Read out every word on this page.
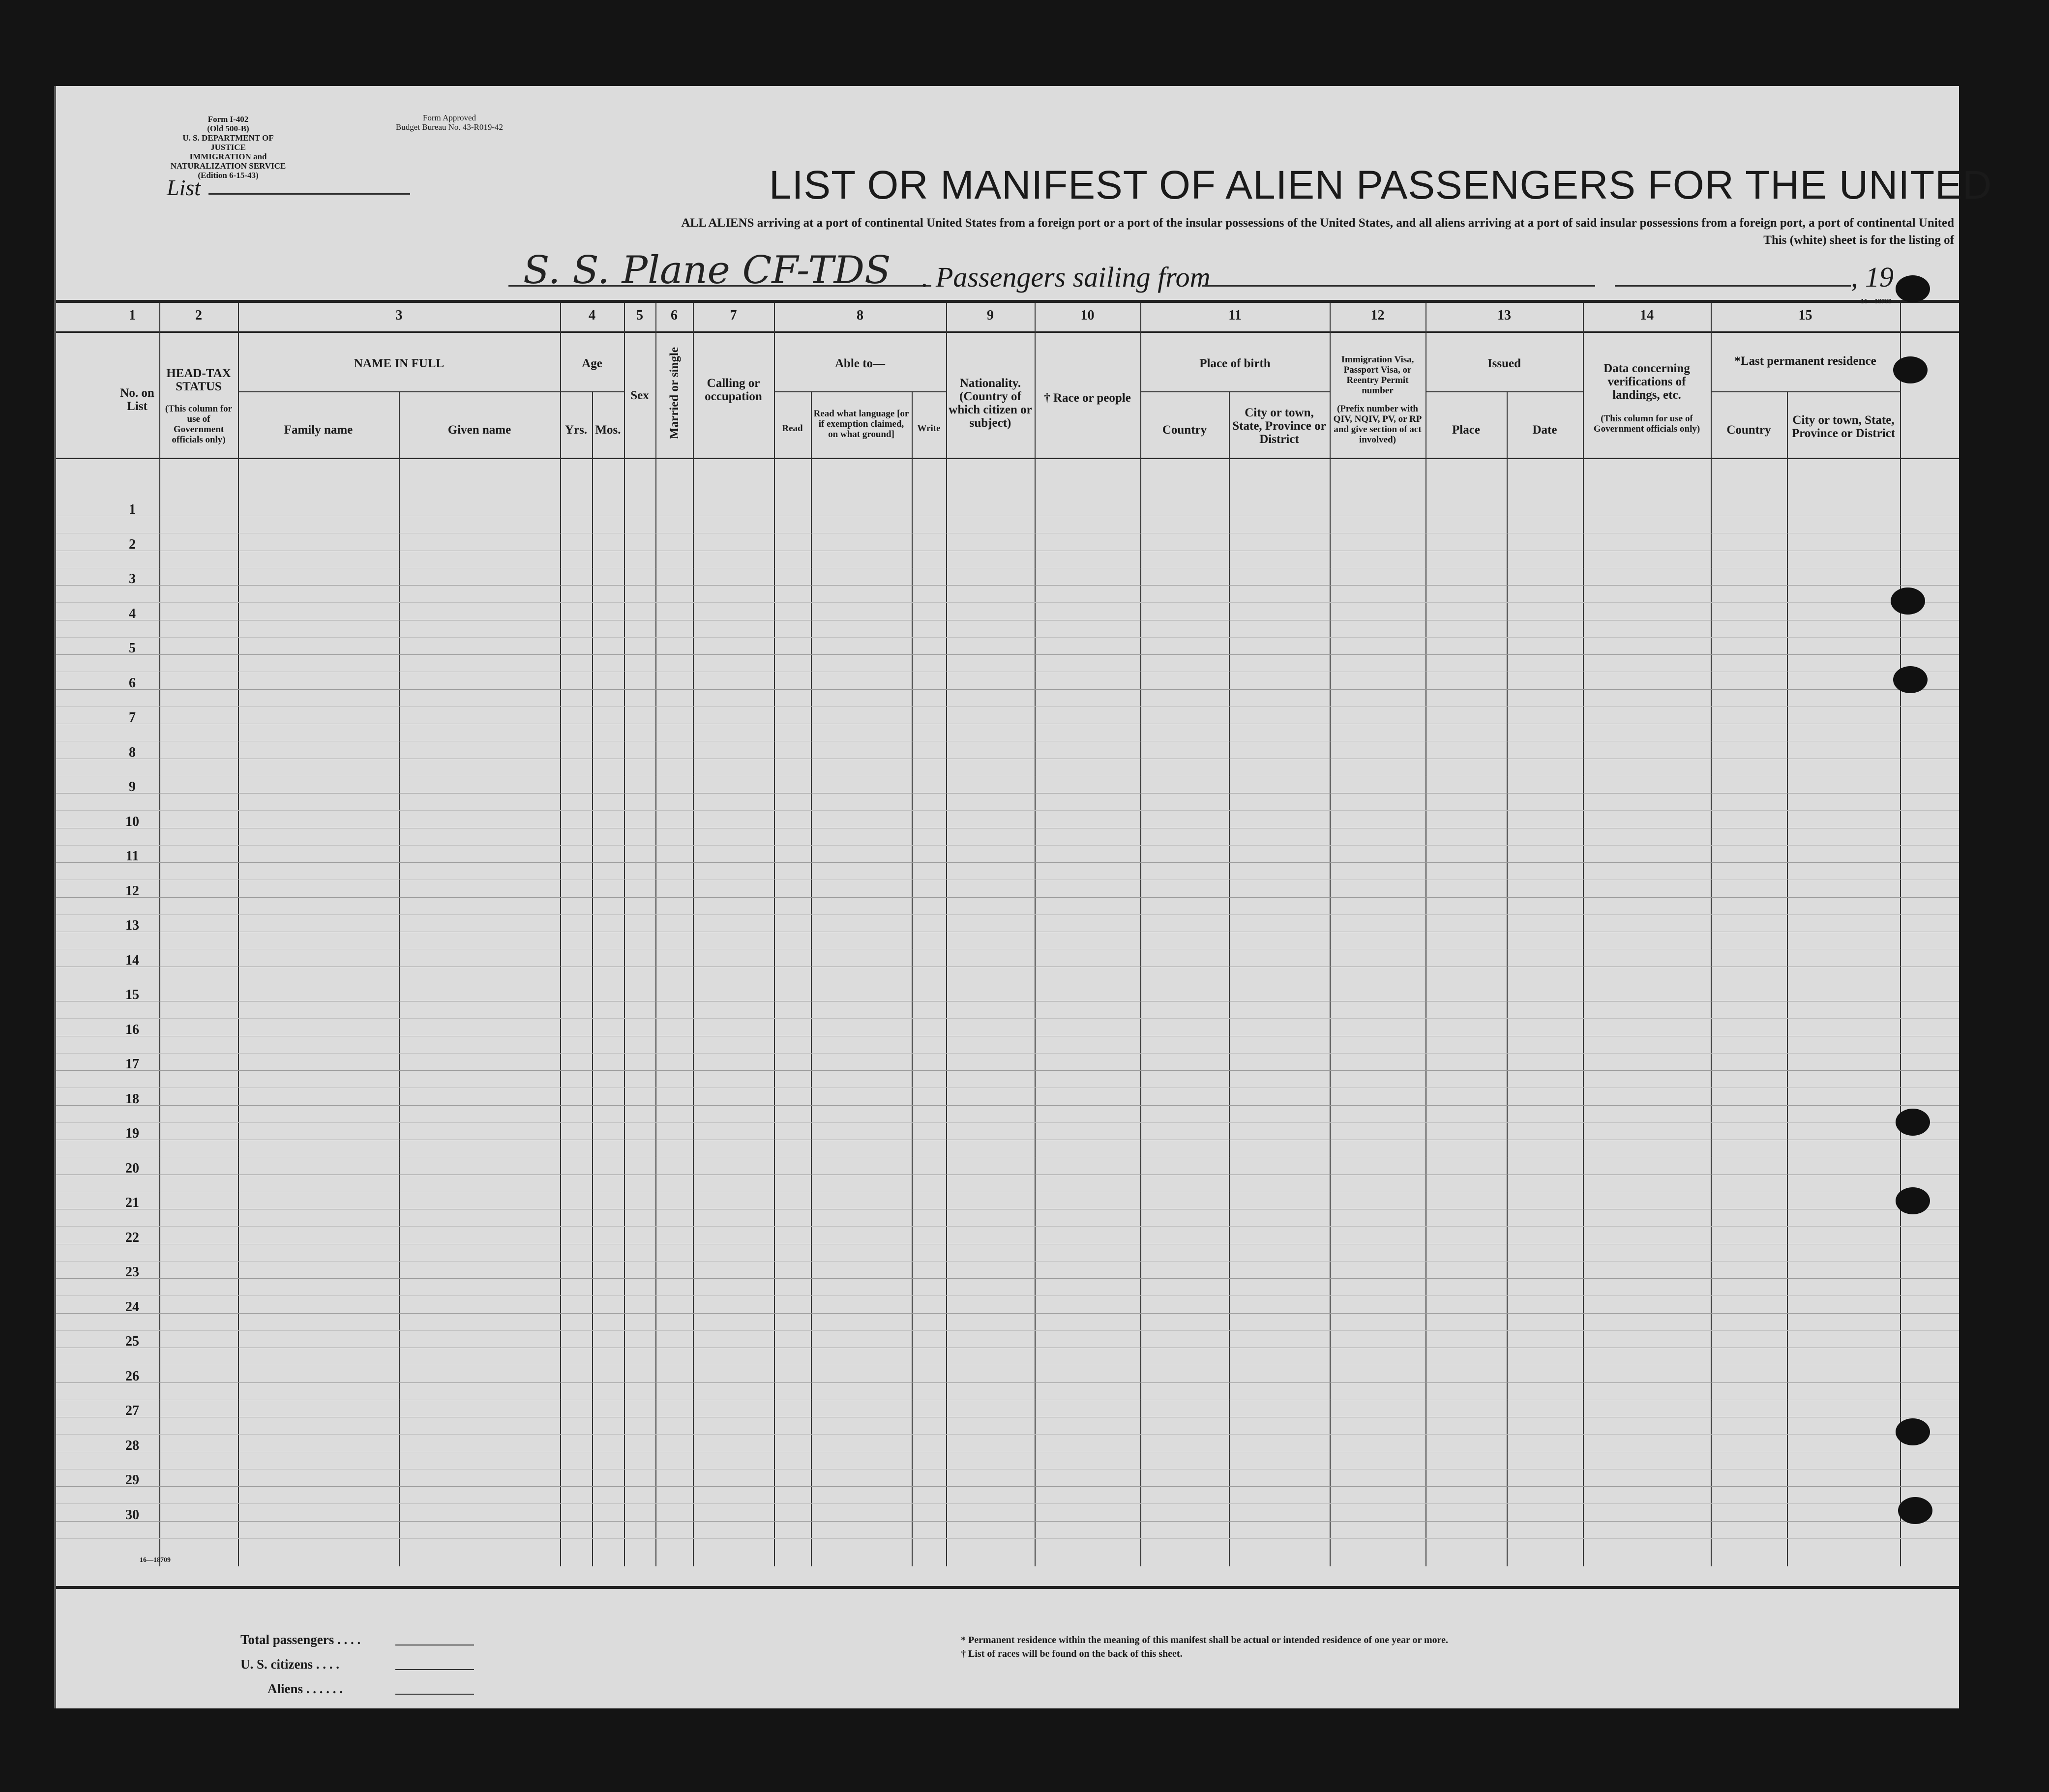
Form I-402
(Old 500-B)
U. S. DEPARTMENT OF JUSTICE
IMMIGRATION and NATURALIZATION SERVICE
(Edition 6-15-43)
Form Approved
Budget Bureau No. 43-R019-42
List	LIST OR MANIFEST OF ALIEN PASSENGERS FOR THE UNITED
ALL ALIENS arriving at a port of continental United States from a foreign port or a port of the insular possessions of the United States, and all aliens arriving at a port of said insular possessions from a foreign port, a port of continental United
This (white) sheet is for the listing of
S. S. Plane CF-TDS . Passengers sailing from	, 19
1	2	3	4	5	6	7	8	9	10	11	12	13	14	15
No. on List
HEAD-TAX STATUS
(This column for use of Government officials only)
NAME IN FULL
Family name	Given name
Age
Yrs. Mos.
Sex	Married or single	Calling or occupation
Able to—
Read
Read what language [or if exemption claimed, on what ground]
Write
Nationality. (Country of which citizen or subject)
† Race or people
Place of birth
Country
City or town, State, Province or District
Immigration Visa, Passport Visa, or Reentry Permit number
(Prefix number with QIV, NQIV, PV, or RP and give section of act involved)
Issued
Place	Date
Data concerning verifications of landings, etc.
(This column for use of Government officials only)
*Last permanent residence
Country
City or town, State, Province or District
1
2
3
4
5
6
7
8
9
10
11
12
13
14
15
16
17
18
19
20
21
22
23
24
25
26
27
28
29
30
16—18709
16—18709
Total passengers . . . .
U. S. citizens . . . .
Aliens . . . . . .
* Permanent residence within the meaning of this manifest shall be actual or intended residence of one year or more.
† List of races will be found on the back of this sheet.
